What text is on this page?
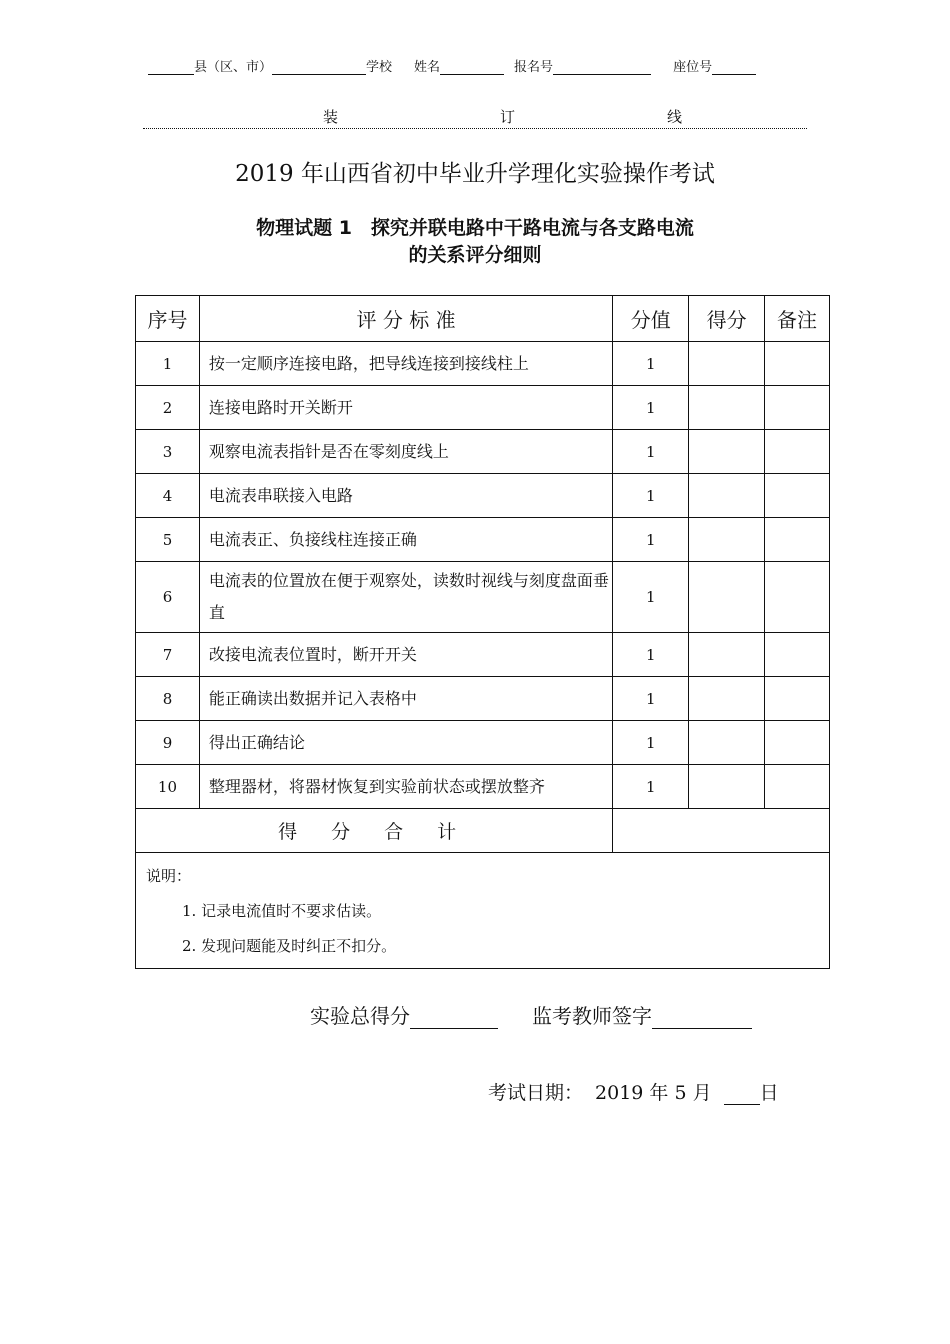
县（区、市）	学校 姓名	报名号	座位号
装	订	线
2019 年山西省初中毕业升学理化实验操作考试
物理试题 1　探究并联电路中干路电流与各支路电流
的关系评分细则
序号	评 分 标 准	分值	得分	备注
1	按一定顺序连接电路，把导线连接到接线柱上	1		
2	连接电路时开关断开	1		
3	观察电流表指针是否在零刻度线上	1		
4	电流表串联接入电路	1		
5	电流表正、负接线柱连接正确	1		
6	电流表的位置放在便于观察处，读数时视线与刻度盘面垂直	1		
7	改接电流表位置时，断开开关	1		
8	能正确读出数据并记入表格中	1		
9	得出正确结论	1		
10	整理器材，将器材恢复到实验前状态或摆放整齐	1		
得 分 合 计				

说明：
1. 记录电流值时不要求估读。
2. 发现问题能及时纠正不扣分。				
实验总得分	监考教师签字
考试日期： 2019 年 5 月	日
